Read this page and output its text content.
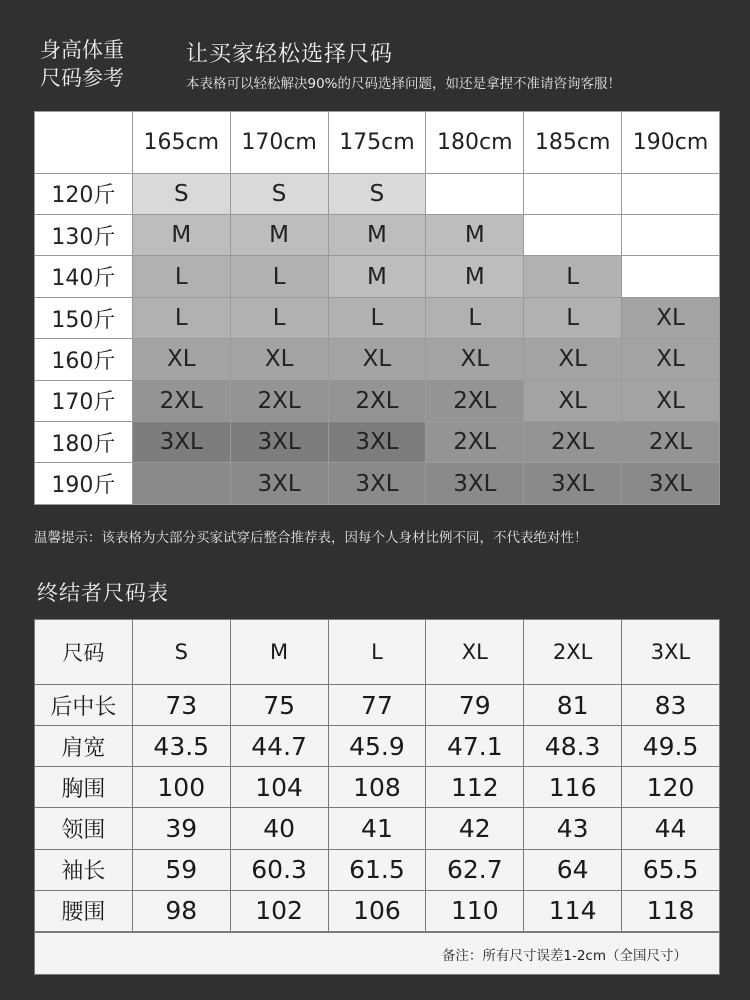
身高体重
尺码参考
让买家轻松选择尺码
本表格可以轻松解决90%的尺码选择问题，如还是拿捏不准请咨询客服！
	165cm	170cm	175cm	180cm	185cm	190cm
120斤	S	S	S			
130斤	M	M	M	M		
140斤	L	L	M	M	L	
150斤	L	L	L	L	L	XL
160斤	XL	XL	XL	XL	XL	XL
170斤	2XL	2XL	2XL	2XL	XL	XL
180斤	3XL	3XL	3XL	2XL	2XL	2XL
190斤		3XL	3XL	3XL	3XL	3XL
温馨提示：该表格为大部分买家试穿后整合推荐表，因每个人身材比例不同，不代表绝对性！
终结者尺码表
尺码	S	M	L	XL	2XL	3XL
后中长	73	75	77	79	81	83
肩宽	43.5	44.7	45.9	47.1	48.3	49.5
胸围	100	104	108	112	116	120
领围	39	40	41	42	43	44
袖长	59	60.3	61.5	62.7	64	65.5
腰围	98	102	106	110	114	118
备注：所有尺寸误差1-2cm（全国尺寸）
